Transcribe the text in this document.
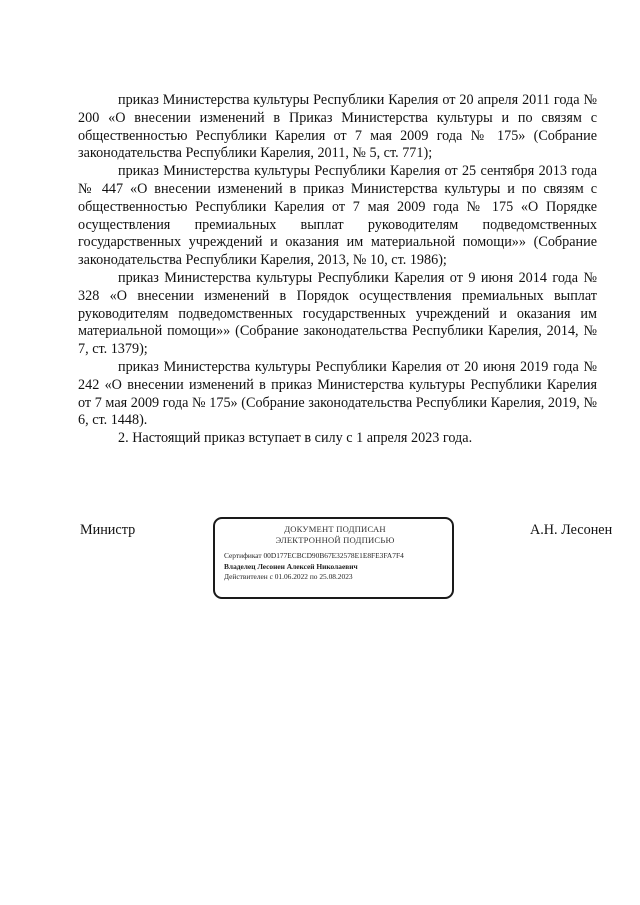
приказ Министерства культуры Республики Карелия от 20 апреля 2011 года № 200 «О внесении изменений в Приказ Министерства культуры и по связям с общественностью Республики Карелия от 7 мая 2009 года № 175» (Собрание законодательства Республики Карелия, 2011, № 5, ст. 771);

приказ Министерства культуры Республики Карелия от 25 сентября 2013 года № 447 «О внесении изменений в приказ Министерства культуры и по связям с общественностью Республики Карелия от 7 мая 2009 года № 175 «О Порядке осуществления премиальных выплат руководителям подведомственных государственных учреждений и оказания им материальной помощи»» (Собрание законодательства Республики Карелия, 2013, № 10, ст. 1986);

приказ Министерства культуры Республики Карелия от 9 июня 2014 года № 328 «О внесении изменений в Порядок осуществления премиальных выплат руководителям подведомственных государственных учреждений и оказания им материальной помощи»» (Собрание законодательства Республики Карелия, 2014, № 7, ст. 1379);

приказ Министерства культуры Республики Карелия от 20 июня 2019 года № 242 «О внесении изменений в приказ Министерства культуры Республики Карелия от 7 мая 2009 года № 175» (Собрание законодательства Республики Карелия, 2019, № 6, ст. 1448).

2. Настоящий приказ вступает в силу с 1 апреля 2023 года.

Министр	ДОКУМЕНТ ПОДПИСАН
ЭЛЕКТРОННОЙ ПОДПИСЬЮ
Сертификат 00D177ECBCD90B67E32578E1E8FE3FA7F4
Владелец Лесонен Алексей Николаевич
Действителен с 01.06.2022 по 25.08.2023
А.Н. Лесонен
